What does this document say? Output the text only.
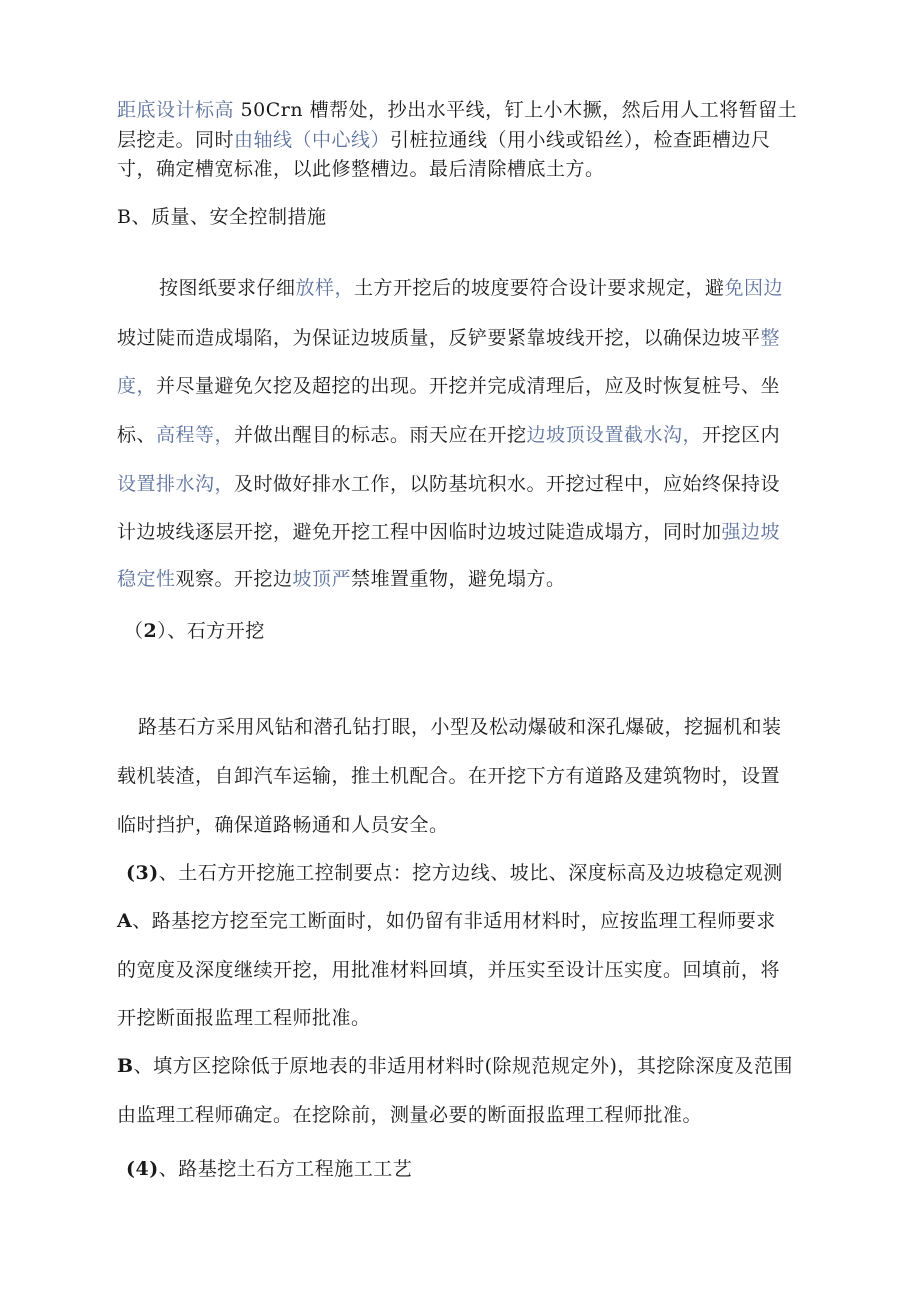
距底设计标高 50Crn 槽帮处，抄出水平线，钉上小木撅，然后用人工将暂留土
层挖走。同时由轴线（中心线）引桩拉通线（用小线或铅丝），检查距槽边尺
寸，确定槽宽标准，以此修整槽边。最后清除槽底土方。
B、质量、安全控制措施
按图纸要求仔细放样，土方开挖后的坡度要符合设计要求规定，避免因边
坡过陡而造成塌陷，为保证边坡质量，反铲要紧靠坡线开挖，以确保边坡平整
度，并尽量避免欠挖及超挖的出现。开挖并完成清理后，应及时恢复桩号、坐
标、高程等，并做出醒目的标志。雨天应在开挖边坡顶设置截水沟，开挖区内
设置排水沟，及时做好排水工作，以防基坑积水。开挖过程中，应始终保持设
计边坡线逐层开挖，避免开挖工程中因临时边坡过陡造成塌方，同时加强边坡
稳定性观察。开挖边坡顶严禁堆置重物，避免塌方。
（2）、石方开挖
路基石方采用风钻和潜孔钻打眼，小型及松动爆破和深孔爆破，挖掘机和装
载机装渣，自卸汽车运输，推土机配合。在开挖下方有道路及建筑物时，设置
临时挡护，确保道路畅通和人员安全。
(3)、土石方开挖施工控制要点：挖方边线、坡比、深度标高及边坡稳定观测
A、路基挖方挖至完工断面时，如仍留有非适用材料时，应按监理工程师要求
的宽度及深度继续开挖，用批准材料回填，并压实至设计压实度。回填前，将
开挖断面报监理工程师批准。
B、填方区挖除低于原地表的非适用材料时(除规范规定外)，其挖除深度及范围
由监理工程师确定。在挖除前，测量必要的断面报监理工程师批准。
(4)、路基挖土石方工程施工工艺
